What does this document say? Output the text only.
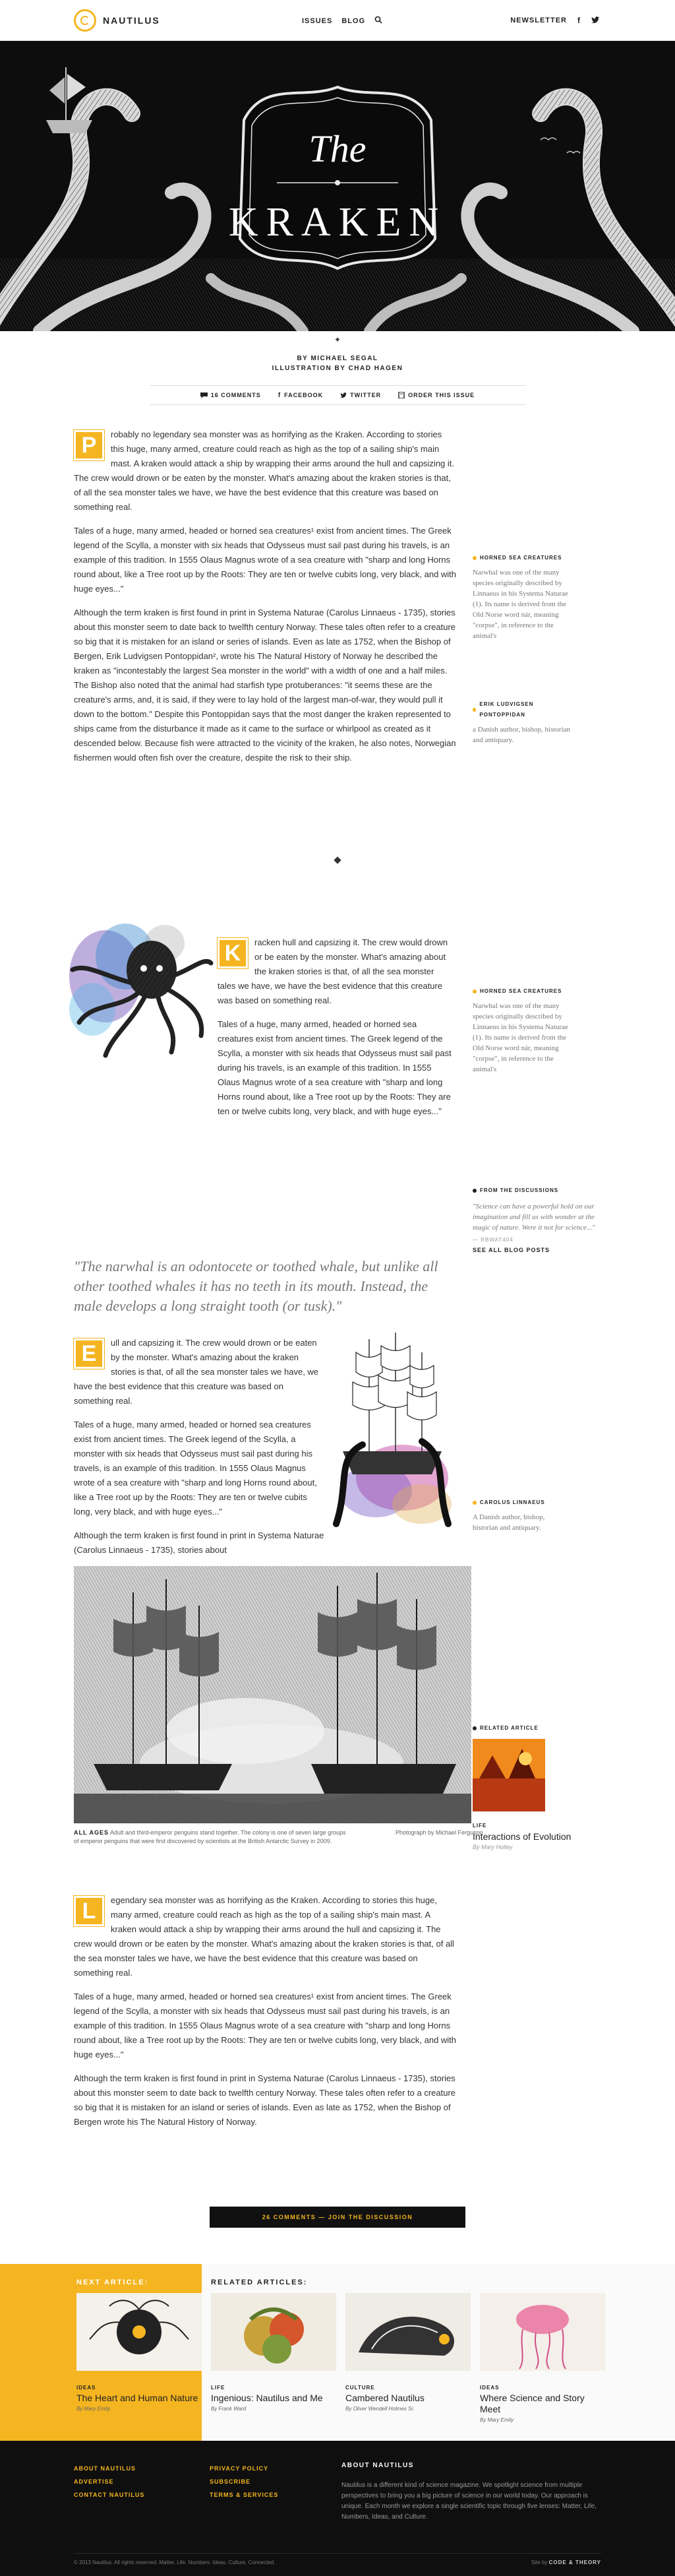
NAUTILUS	ISSUES BLOG	NEWSLETTER f
The
KRAKEN
✦
BY MICHAEL SEGAL
ILLUSTRATION BY CHAD HAGEN
16 COMMENTS	f FACEBOOK	TWITTER	ORDER THIS ISSUE

P	robably no legendary sea monster was as horrifying as the Kraken. According to stories this huge, many armed, creature could reach as high as the top of a sailing ship's main mast. A kraken would attack a ship by wrapping their arms around the hull and capsizing it. The crew would drown or be eaten by the monster. What's amazing about the kraken stories is that, of all the sea monster tales we have, we have the best evidence that this creature was based on something real.

Tales of a huge, many armed, headed or horned sea creatures¹ exist from ancient times. The Greek legend of the Scylla, a monster with six heads that Odysseus must sail past during his travels, is an example of this tradition. In 1555 Olaus Magnus wrote of a sea creature with "sharp and long Horns round about, like a Tree root up by the Roots: They are ten or twelve cubits long, very black, and with huge eyes..."

Although the term kraken is first found in print in Systema Naturae (Carolus Linnaeus - 1735), stories about this monster seem to date back to twelfth century Norway. These tales often refer to a creature so big that it is mistaken for an island or series of islands. Even as late as 1752, when the Bishop of Bergen, Erik Ludvigsen Pontoppidan², wrote his The Natural History of Norway he described the kraken as "incontestably the largest Sea monster in the world" with a width of one and a half miles. The Bishop also noted that the animal had starfish type protuberances: "it seems these are the creature's arms, and, it is said, if they were to lay hold of the largest man-of-war, they would pull it down to the bottom." Despite this Pontoppidan says that the most danger the kraken represented to ships came from the disturbance it made as it came to the surface or whirlpool as created as it descended below. Because fish were attracted to the vicinity of the kraken, he also notes, Norwegian fishermen would often fish over the creature, despite the risk to their ship.

HORNED SEA CREATURES
Narwhal was one of the many species originally described by Linnaeus in his Systema Naturae (1). Its name is derived from the Old Norse word nár, meaning "corpse", in reference to the animal's
ERIK LUDVIGSEN PONTOPPIDAN
a Danish author, bishop, historian and antiquary.

K	racken hull and capsizing it. The crew would drown or be eaten by the monster. What's amazing about the kraken stories is that, of all the sea monster tales we have, we have the best evidence that this creature was based on something real.

Tales of a huge, many armed, headed or horned sea creatures exist from ancient times. The Greek legend of the Scylla, a monster with six heads that Odysseus must sail past during his travels, is an example of this tradition. In 1555 Olaus Magnus wrote of a sea creature with "sharp and long Horns round about, like a Tree root up by the Roots: They are ten or twelve cubits long, very black, and with huge eyes..."

HORNED SEA CREATURES
Narwhal was one of the many species originally described by Linnaeus in his Systema Naturae (1). Its name is derived from the Old Norse word nár, meaning "corpse", in reference to the animal's
FROM THE DISCUSSIONS
"Science can have a powerful hold on our imagination and fill us with wonder at the magic of nature. Were it not for science..."
— RBWAT404
SEE ALL BLOG POSTS
"The narwhal is an odontocete or toothed whale, but unlike all other toothed whales it has no teeth in its mouth. Instead, the male develops a long straight tooth (or tusk)."

E	ull and capsizing it. The crew would drown or be eaten by the monster. What's amazing about the kraken stories is that, of all the sea monster tales we have, we have the best evidence that this creature was based on something real.

Tales of a huge, many armed, headed or horned sea creatures exist from ancient times. The Greek legend of the Scylla, a monster with six heads that Odysseus must sail past during his travels, is an example of this tradition. In 1555 Olaus Magnus wrote of a sea creature with "sharp and long Horns round about, like a Tree root up by the Roots: They are ten or twelve cubits long, very black, and with huge eyes..."

Although the term kraken is first found in print in Systema Naturae (Carolus Linnaeus - 1735), stories about

CAROLUS LINNAEUS
A Danish author, bishop, historian and antiquary.
ALL AGES Adult and third-emperor penguins stand together. The colony is one of seven large groups of emperor penguins that were first discovered by scientists at the British Antarctic Survey in 2009.
Photograph by Michael Ferguson

L	egendary sea monster was as horrifying as the Kraken. According to stories this huge, many armed, creature could reach as high as the top of a sailing ship's main mast. A kraken would attack a ship by wrapping their arms around the hull and capsizing it. The crew would drown or be eaten by the monster. What's amazing about the kraken stories is that, of all the sea monster tales we have, we have the best evidence that this creature was based on something real.

Tales of a huge, many armed, headed or horned sea creatures¹ exist from ancient times. The Greek legend of the Scylla, a monster with six heads that Odysseus must sail past during his travels, is an example of this tradition. In 1555 Olaus Magnus wrote of a sea creature with "sharp and long Horns round about, like a Tree root up by the Roots: They are ten or twelve cubits long, very black, and with huge eyes..."

Although the term kraken is first found in print in Systema Naturae (Carolus Linnaeus - 1735), stories about this monster seem to date back to twelfth century Norway. These tales often refer to a creature so big that it is mistaken for an island or series of islands. Even as late as 1752, when the Bishop of Bergen wrote his The Natural History of Norway.

RELATED ARTICLE
LIFE
Interactions of Evolution
By Mary Holley
26 COMMENTS — JOIN THE DISCUSSION
NEXT ARTICLE:
IDEAS
The Heart and Human Nature
By Mary Emily
RELATED ARTICLES:
LIFE
Ingenious: Nautilus and Me
By Frank Ward
CULTURE
Cambered Nautilus
By Oliver Wendell Holmes Sr.
IDEAS
Where Science and Story Meet
By Mary Emily
ABOUT NAUTILUS
ADVERTISE
CONTACT NAUTILUS
PRIVACY POLICY
SUBSCRIBE
TERMS & SERVICES
ABOUT NAUTILUS
Nautilus is a different kind of science magazine. We spotlight science from multiple perspectives to bring you a big picture of science in our world today. Our approach is unique. Each month we explore a single scientific topic through five lenses: Matter, Life, Numbers, Ideas, and Culture.
© 2013 Nautilus. All rights reserved. Matter. Life. Numbers. Ideas. Culture. Connected.	Site by CODE & THEORY
